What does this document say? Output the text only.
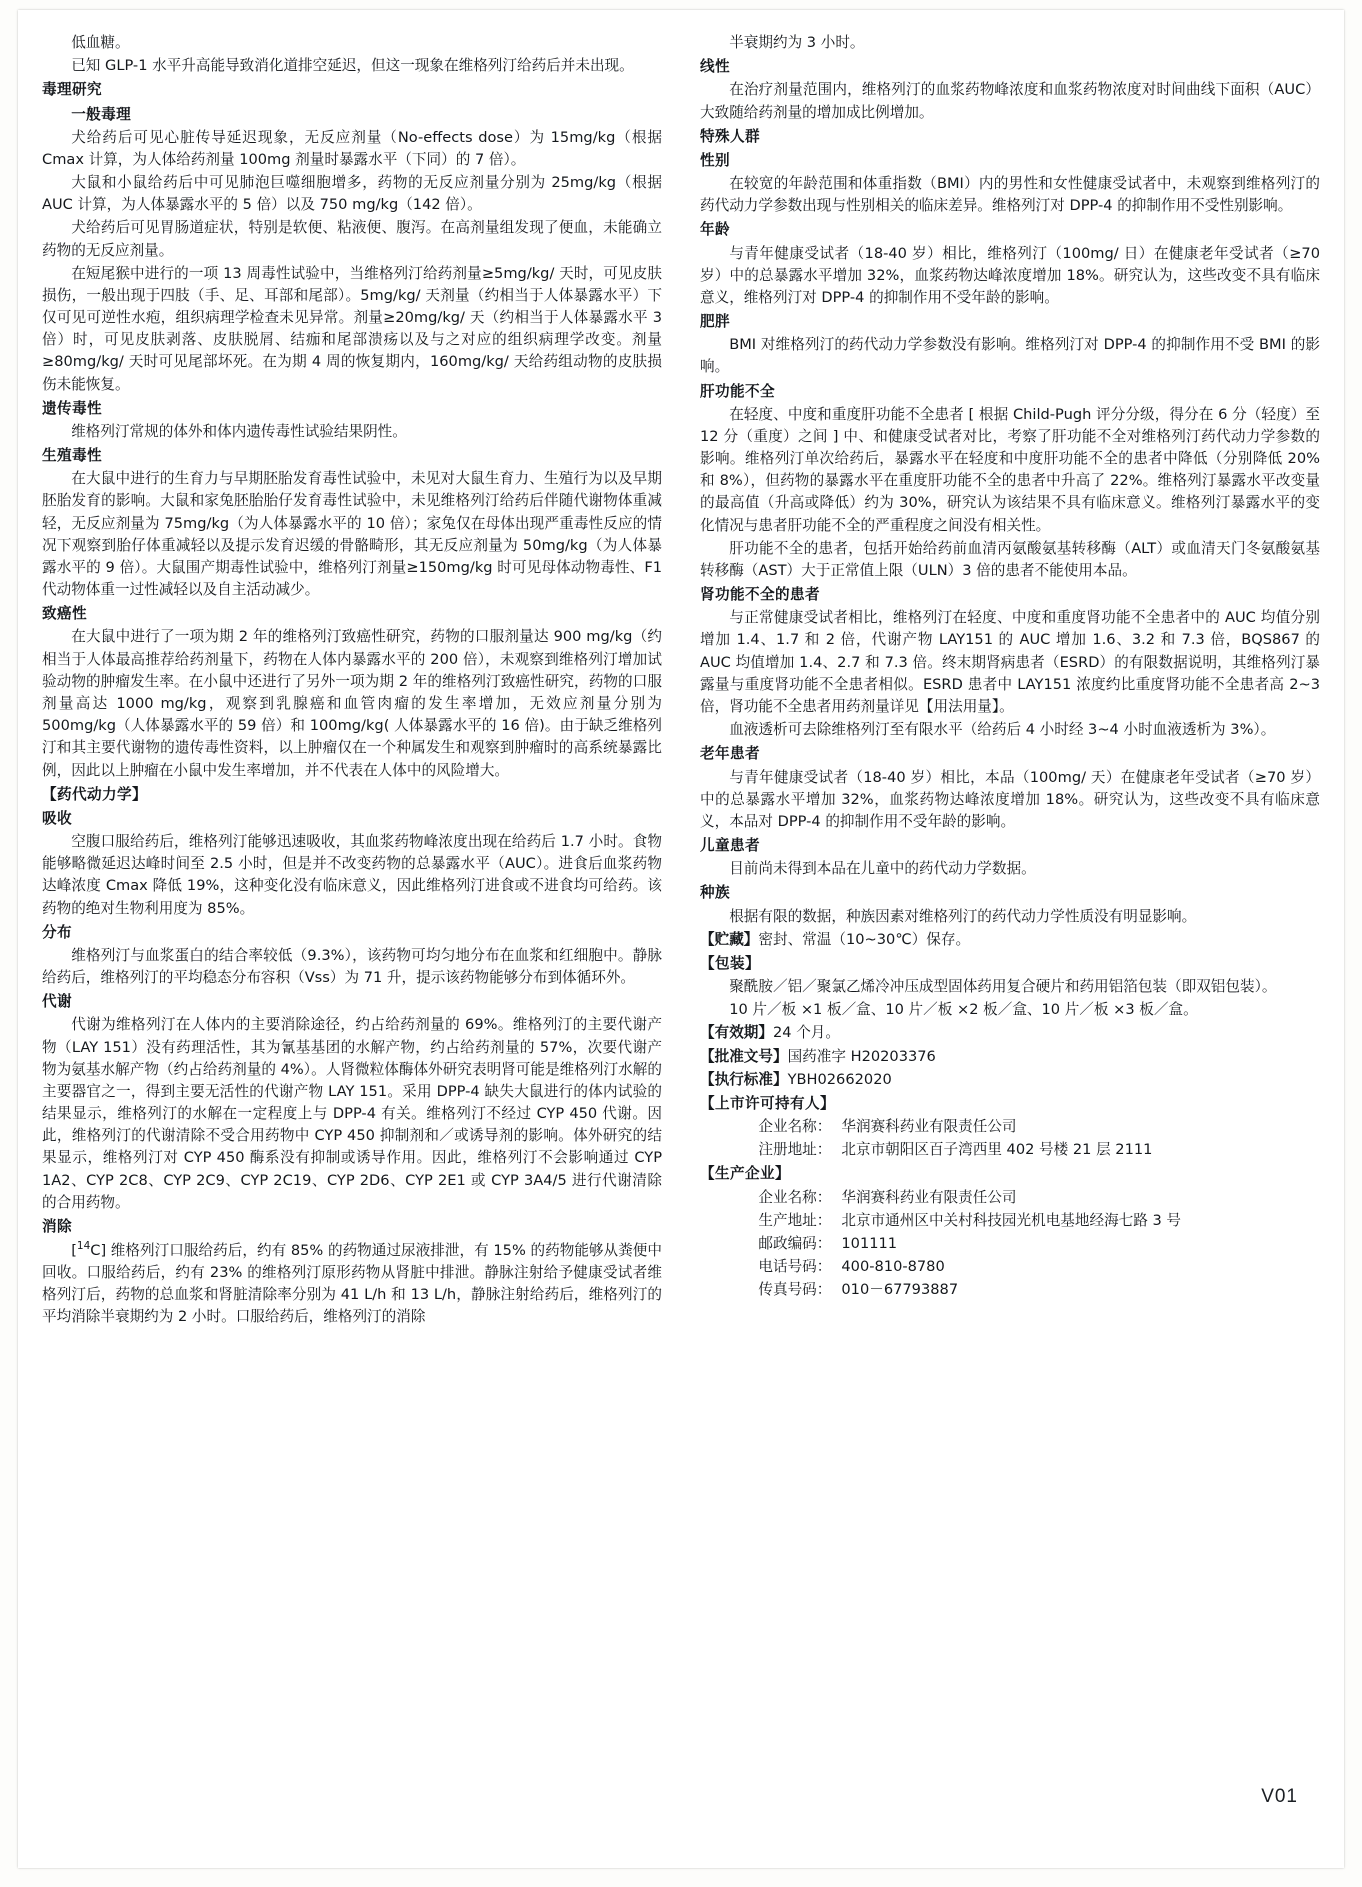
低血糖。

已知 GLP-1 水平升高能导致消化道排空延迟，但这一现象在维格列汀给药后并未出现。

毒理研究
一般毒理

犬给药后可见心脏传导延迟现象，无反应剂量（No-effects dose）为 15mg/kg（根据 Cmax 计算，为人体给药剂量 100mg 剂量时暴露水平（下同）的 7 倍）。

大鼠和小鼠给药后中可见肺泡巨噬细胞增多，药物的无反应剂量分别为 25mg/kg（根据 AUC 计算，为人体暴露水平的 5 倍）以及 750 mg/kg（142 倍）。

犬给药后可见胃肠道症状，特别是软便、粘液便、腹泻。在高剂量组发现了便血，未能确立药物的无反应剂量。

在短尾猴中进行的一项 13 周毒性试验中，当维格列汀给药剂量≥5mg/kg/ 天时，可见皮肤损伤，一般出现于四肢（手、足、耳部和尾部）。5mg/kg/ 天剂量（约相当于人体暴露水平）下仅可见可逆性水疱，组织病理学检查未见异常。剂量≥20mg/kg/ 天（约相当于人体暴露水平 3 倍）时，可见皮肤剥落、皮肤脱屑、结痂和尾部溃疡以及与之对应的组织病理学改变。剂量≥80mg/kg/ 天时可见尾部坏死。在为期 4 周的恢复期内，160mg/kg/ 天给药组动物的皮肤损伤未能恢复。

遗传毒性

维格列汀常规的体外和体内遗传毒性试验结果阴性。

生殖毒性

在大鼠中进行的生育力与早期胚胎发育毒性试验中，未见对大鼠生育力、生殖行为以及早期胚胎发育的影响。大鼠和家兔胚胎胎仔发育毒性试验中，未见维格列汀给药后伴随代谢物体重减轻，无反应剂量为 75mg/kg（为人体暴露水平的 10 倍）；家兔仅在母体出现严重毒性反应的情况下观察到胎仔体重减轻以及提示发育迟缓的骨骼畸形，其无反应剂量为 50mg/kg（为人体暴露水平的 9 倍）。大鼠围产期毒性试验中，维格列汀剂量≥150mg/kg 时可见母体动物毒性、F1 代动物体重一过性减轻以及自主活动减少。

致癌性

在大鼠中进行了一项为期 2 年的维格列汀致癌性研究，药物的口服剂量达 900 mg/kg（约相当于人体最高推荐给药剂量下，药物在人体内暴露水平的 200 倍），未观察到维格列汀增加试验动物的肿瘤发生率。在小鼠中还进行了另外一项为期 2 年的维格列汀致癌性研究，药物的口服剂量高达 1000 mg/kg，观察到乳腺癌和血管肉瘤的发生率增加，无效应剂量分别为 500mg/kg（人体暴露水平的 59 倍）和 100mg/kg( 人体暴露水平的 16 倍)。由于缺乏维格列汀和其主要代谢物的遗传毒性资料，以上肿瘤仅在一个种属发生和观察到肿瘤时的高系统暴露比例，因此以上肿瘤在小鼠中发生率增加，并不代表在人体中的风险增大。

【药代动力学】
吸收

空腹口服给药后，维格列汀能够迅速吸收，其血浆药物峰浓度出现在给药后 1.7 小时。食物能够略微延迟达峰时间至 2.5 小时，但是并不改变药物的总暴露水平（AUC）。进食后血浆药物达峰浓度 Cmax 降低 19%，这种变化没有临床意义，因此维格列汀进食或不进食均可给药。该药物的绝对生物利用度为 85%。

分布

维格列汀与血浆蛋白的结合率较低（9.3%），该药物可均匀地分布在血浆和红细胞中。静脉给药后，维格列汀的平均稳态分布容积（Vss）为 71 升，提示该药物能够分布到体循环外。

代谢

代谢为维格列汀在人体内的主要消除途径，约占给药剂量的 69%。维格列汀的主要代谢产物（LAY 151）没有药理活性，其为氰基基团的水解产物，约占给药剂量的 57%，次要代谢产物为氨基水解产物（约占给药剂量的 4%）。人肾微粒体酶体外研究表明肾可能是维格列汀水解的主要器官之一，得到主要无活性的代谢产物 LAY 151。采用 DPP-4 缺失大鼠进行的体内试验的结果显示，维格列汀的水解在一定程度上与 DPP-4 有关。维格列汀不经过 CYP 450 代谢。因此，维格列汀的代谢清除不受合用药物中 CYP 450 抑制剂和／或诱导剂的影响。体外研究的结果显示，维格列汀对 CYP 450 酶系没有抑制或诱导作用。因此，维格列汀不会影响通过 CYP 1A2、CYP 2C8、CYP 2C9、CYP 2C19、CYP 2D6、CYP 2E1 或 CYP 3A4/5 进行代谢清除的合用药物。

消除

[$^{14}$C] 维格列汀口服给药后，约有 85% 的药物通过尿液排泄，有 15% 的药物能够从粪便中回收。口服给药后，约有 23% 的维格列汀原形药物从肾脏中排泄。静脉注射给予健康受试者维格列汀后，药物的总血浆和肾脏清除率分别为 41 L/h 和 13 L/h，静脉注射给药后，维格列汀的平均消除半衰期约为 2 小时。口服给药后，维格列汀的消除

半衰期约为 3 小时。

线性

在治疗剂量范围内，维格列汀的血浆药物峰浓度和血浆药物浓度对时间曲线下面积（AUC）大致随给药剂量的增加成比例增加。

特殊人群
性别

在较宽的年龄范围和体重指数（BMI）内的男性和女性健康受试者中，未观察到维格列汀的药代动力学参数出现与性别相关的临床差异。维格列汀对 DPP-4 的抑制作用不受性别影响。

年龄

与青年健康受试者（18-40 岁）相比，维格列汀（100mg/ 日）在健康老年受试者（≥70 岁）中的总暴露水平增加 32%，血浆药物达峰浓度增加 18%。研究认为，这些改变不具有临床意义，维格列汀对 DPP-4 的抑制作用不受年龄的影响。

肥胖

BMI 对维格列汀的药代动力学参数没有影响。维格列汀对 DPP-4 的抑制作用不受 BMI 的影响。

肝功能不全

在轻度、中度和重度肝功能不全患者 [ 根据 Child-Pugh 评分分级，得分在 6 分（轻度）至 12 分（重度）之间 ] 中、和健康受试者对比，考察了肝功能不全对维格列汀药代动力学参数的影响。维格列汀单次给药后，暴露水平在轻度和中度肝功能不全的患者中降低（分别降低 20% 和 8%），但药物的暴露水平在重度肝功能不全的患者中升高了 22%。维格列汀暴露水平改变量的最高值（升高或降低）约为 30%，研究认为该结果不具有临床意义。维格列汀暴露水平的变化情况与患者肝功能不全的严重程度之间没有相关性。

肝功能不全的患者，包括开始给药前血清丙氨酸氨基转移酶（ALT）或血清天门冬氨酸氨基转移酶（AST）大于正常值上限（ULN）3 倍的患者不能使用本品。

肾功能不全的患者

与正常健康受试者相比，维格列汀在轻度、中度和重度肾功能不全患者中的 AUC 均值分别增加 1.4、1.7 和 2 倍，代谢产物 LAY151 的 AUC 增加 1.6、3.2 和 7.3 倍，BQS867 的 AUC 均值增加 1.4、2.7 和 7.3 倍。终末期肾病患者（ESRD）的有限数据说明，其维格列汀暴露量与重度肾功能不全患者相似。ESRD 患者中 LAY151 浓度约比重度肾功能不全患者高 2~3 倍，肾功能不全患者用药剂量详见【用法用量】。

血液透析可去除维格列汀至有限水平（给药后 4 小时经 3~4 小时血液透析为 3%）。

老年患者

与青年健康受试者（18-40 岁）相比，本品（100mg/ 天）在健康老年受试者（≥70 岁）中的总暴露水平增加 32%，血浆药物达峰浓度增加 18%。研究认为，这些改变不具有临床意义，本品对 DPP-4 的抑制作用不受年龄的影响。

儿童患者

目前尚未得到本品在儿童中的药代动力学数据。

种族

根据有限的数据，种族因素对维格列汀的药代动力学性质没有明显影响。

【贮藏】密封、常温（10~30℃）保存。

【包装】

聚酰胺／铝／聚氯乙烯冷冲压成型固体药用复合硬片和药用铝箔包装（即双铝包装）。

10 片／板 ×1 板／盒、10 片／板 ×2 板／盒、10 片／板 ×3 板／盒。

【有效期】24 个月。

【批准文号】国药准字 H20203376

【执行标准】YBH02662020

【上市许可持有人】
企业名称： 华润赛科药业有限责任公司
注册地址： 北京市朝阳区百子湾西里 402 号楼 21 层 2111
【生产企业】
企业名称： 华润赛科药业有限责任公司
生产地址： 北京市通州区中关村科技园光机电基地经海七路 3 号
邮政编码： 101111
电话号码： 400-810-8780
传真号码： 010－67793887
V01
